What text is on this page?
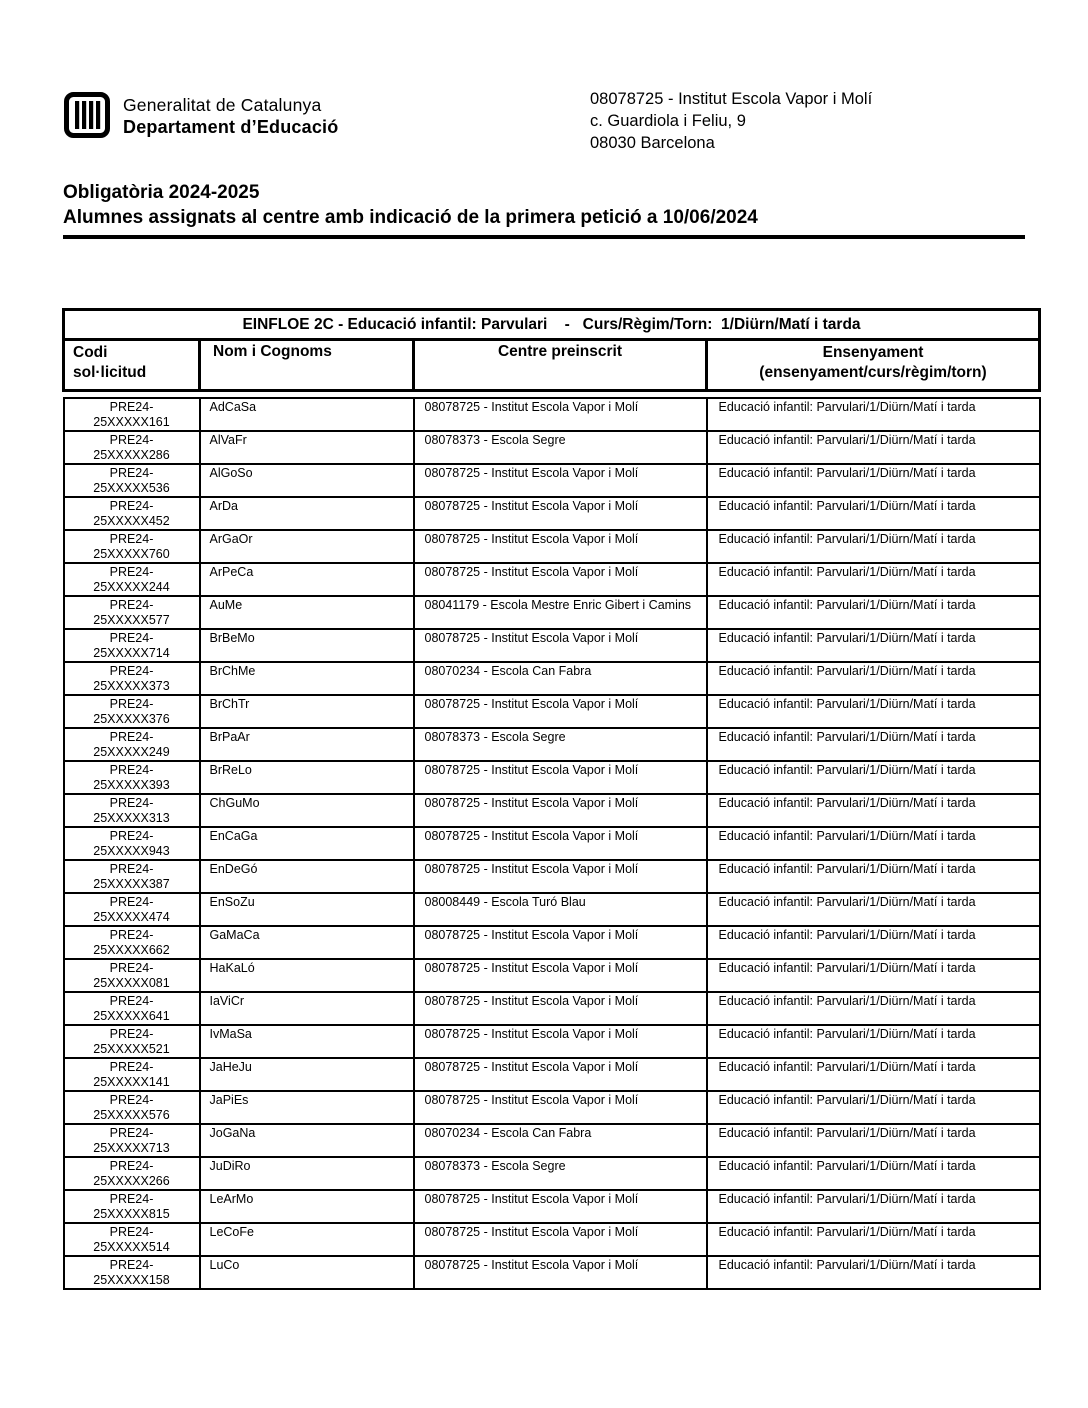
Generalitat de Catalunya
Departament d’Educació
08078725 - Institut Escola Vapor i Molí
c. Guardiola i Feliu, 9
08030 Barcelona
Obligatòria 2024-2025
Alumnes assignats al centre amb indicació de la primera petició a 10/06/2024
EINFLOE 2C - Educació infantil: Parvulari    -   Curs/Règim/Torn:  1/Diürn/Matí i tarda			

Codi
sol·licitud
	Nom i Cognoms	Centre preinscrit	Ensenyament
(ensenyament/curs/règim/torn)

PRE24-
25XXXXX161	AdCaSa	08078725 - Institut Escola Vapor i Molí	Educació infantil: Parvulari/1/Diürn/Matí i tarda

PRE24-
25XXXXX286	AlVaFr	08078373 - Escola Segre	Educació infantil: Parvulari/1/Diürn/Matí i tarda

PRE24-
25XXXXX536	AlGoSo	08078725 - Institut Escola Vapor i Molí	Educació infantil: Parvulari/1/Diürn/Matí i tarda

PRE24-
25XXXXX452	ArDa	08078725 - Institut Escola Vapor i Molí	Educació infantil: Parvulari/1/Diürn/Matí i tarda

PRE24-
25XXXXX760	ArGaOr	08078725 - Institut Escola Vapor i Molí	Educació infantil: Parvulari/1/Diürn/Matí i tarda

PRE24-
25XXXXX244	ArPeCa	08078725 - Institut Escola Vapor i Molí	Educació infantil: Parvulari/1/Diürn/Matí i tarda

PRE24-
25XXXXX577	AuMe	08041179 - Escola Mestre Enric Gibert i Camins	Educació infantil: Parvulari/1/Diürn/Matí i tarda

PRE24-
25XXXXX714	BrBeMo	08078725 - Institut Escola Vapor i Molí	Educació infantil: Parvulari/1/Diürn/Matí i tarda

PRE24-
25XXXXX373	BrChMe	08070234 - Escola Can Fabra	Educació infantil: Parvulari/1/Diürn/Matí i tarda

PRE24-
25XXXXX376	BrChTr	08078725 - Institut Escola Vapor i Molí	Educació infantil: Parvulari/1/Diürn/Matí i tarda

PRE24-
25XXXXX249	BrPaAr	08078373 - Escola Segre	Educació infantil: Parvulari/1/Diürn/Matí i tarda

PRE24-
25XXXXX393	BrReLo	08078725 - Institut Escola Vapor i Molí	Educació infantil: Parvulari/1/Diürn/Matí i tarda

PRE24-
25XXXXX313	ChGuMo	08078725 - Institut Escola Vapor i Molí	Educació infantil: Parvulari/1/Diürn/Matí i tarda

PRE24-
25XXXXX943	EnCaGa	08078725 - Institut Escola Vapor i Molí	Educació infantil: Parvulari/1/Diürn/Matí i tarda

PRE24-
25XXXXX387	EnDeGó	08078725 - Institut Escola Vapor i Molí	Educació infantil: Parvulari/1/Diürn/Matí i tarda

PRE24-
25XXXXX474	EnSoZu	08008449 - Escola Turó Blau	Educació infantil: Parvulari/1/Diürn/Matí i tarda

PRE24-
25XXXXX662	GaMaCa	08078725 - Institut Escola Vapor i Molí	Educació infantil: Parvulari/1/Diürn/Matí i tarda

PRE24-
25XXXXX081	HaKaLó	08078725 - Institut Escola Vapor i Molí	Educació infantil: Parvulari/1/Diürn/Matí i tarda

PRE24-
25XXXXX641	IaViCr	08078725 - Institut Escola Vapor i Molí	Educació infantil: Parvulari/1/Diürn/Matí i tarda

PRE24-
25XXXXX521	IvMaSa	08078725 - Institut Escola Vapor i Molí	Educació infantil: Parvulari/1/Diürn/Matí i tarda

PRE24-
25XXXXX141	JaHeJu	08078725 - Institut Escola Vapor i Molí	Educació infantil: Parvulari/1/Diürn/Matí i tarda

PRE24-
25XXXXX576	JaPiEs	08078725 - Institut Escola Vapor i Molí	Educació infantil: Parvulari/1/Diürn/Matí i tarda

PRE24-
25XXXXX713	JoGaNa	08070234 - Escola Can Fabra	Educació infantil: Parvulari/1/Diürn/Matí i tarda

PRE24-
25XXXXX266	JuDiRo	08078373 - Escola Segre	Educació infantil: Parvulari/1/Diürn/Matí i tarda

PRE24-
25XXXXX815	LeArMo	08078725 - Institut Escola Vapor i Molí	Educació infantil: Parvulari/1/Diürn/Matí i tarda

PRE24-
25XXXXX514	LeCoFe	08078725 - Institut Escola Vapor i Molí	Educació infantil: Parvulari/1/Diürn/Matí i tarda

PRE24-
25XXXXX158	LuCo	08078725 - Institut Escola Vapor i Molí	Educació infantil: Parvulari/1/Diürn/Matí i tarda
